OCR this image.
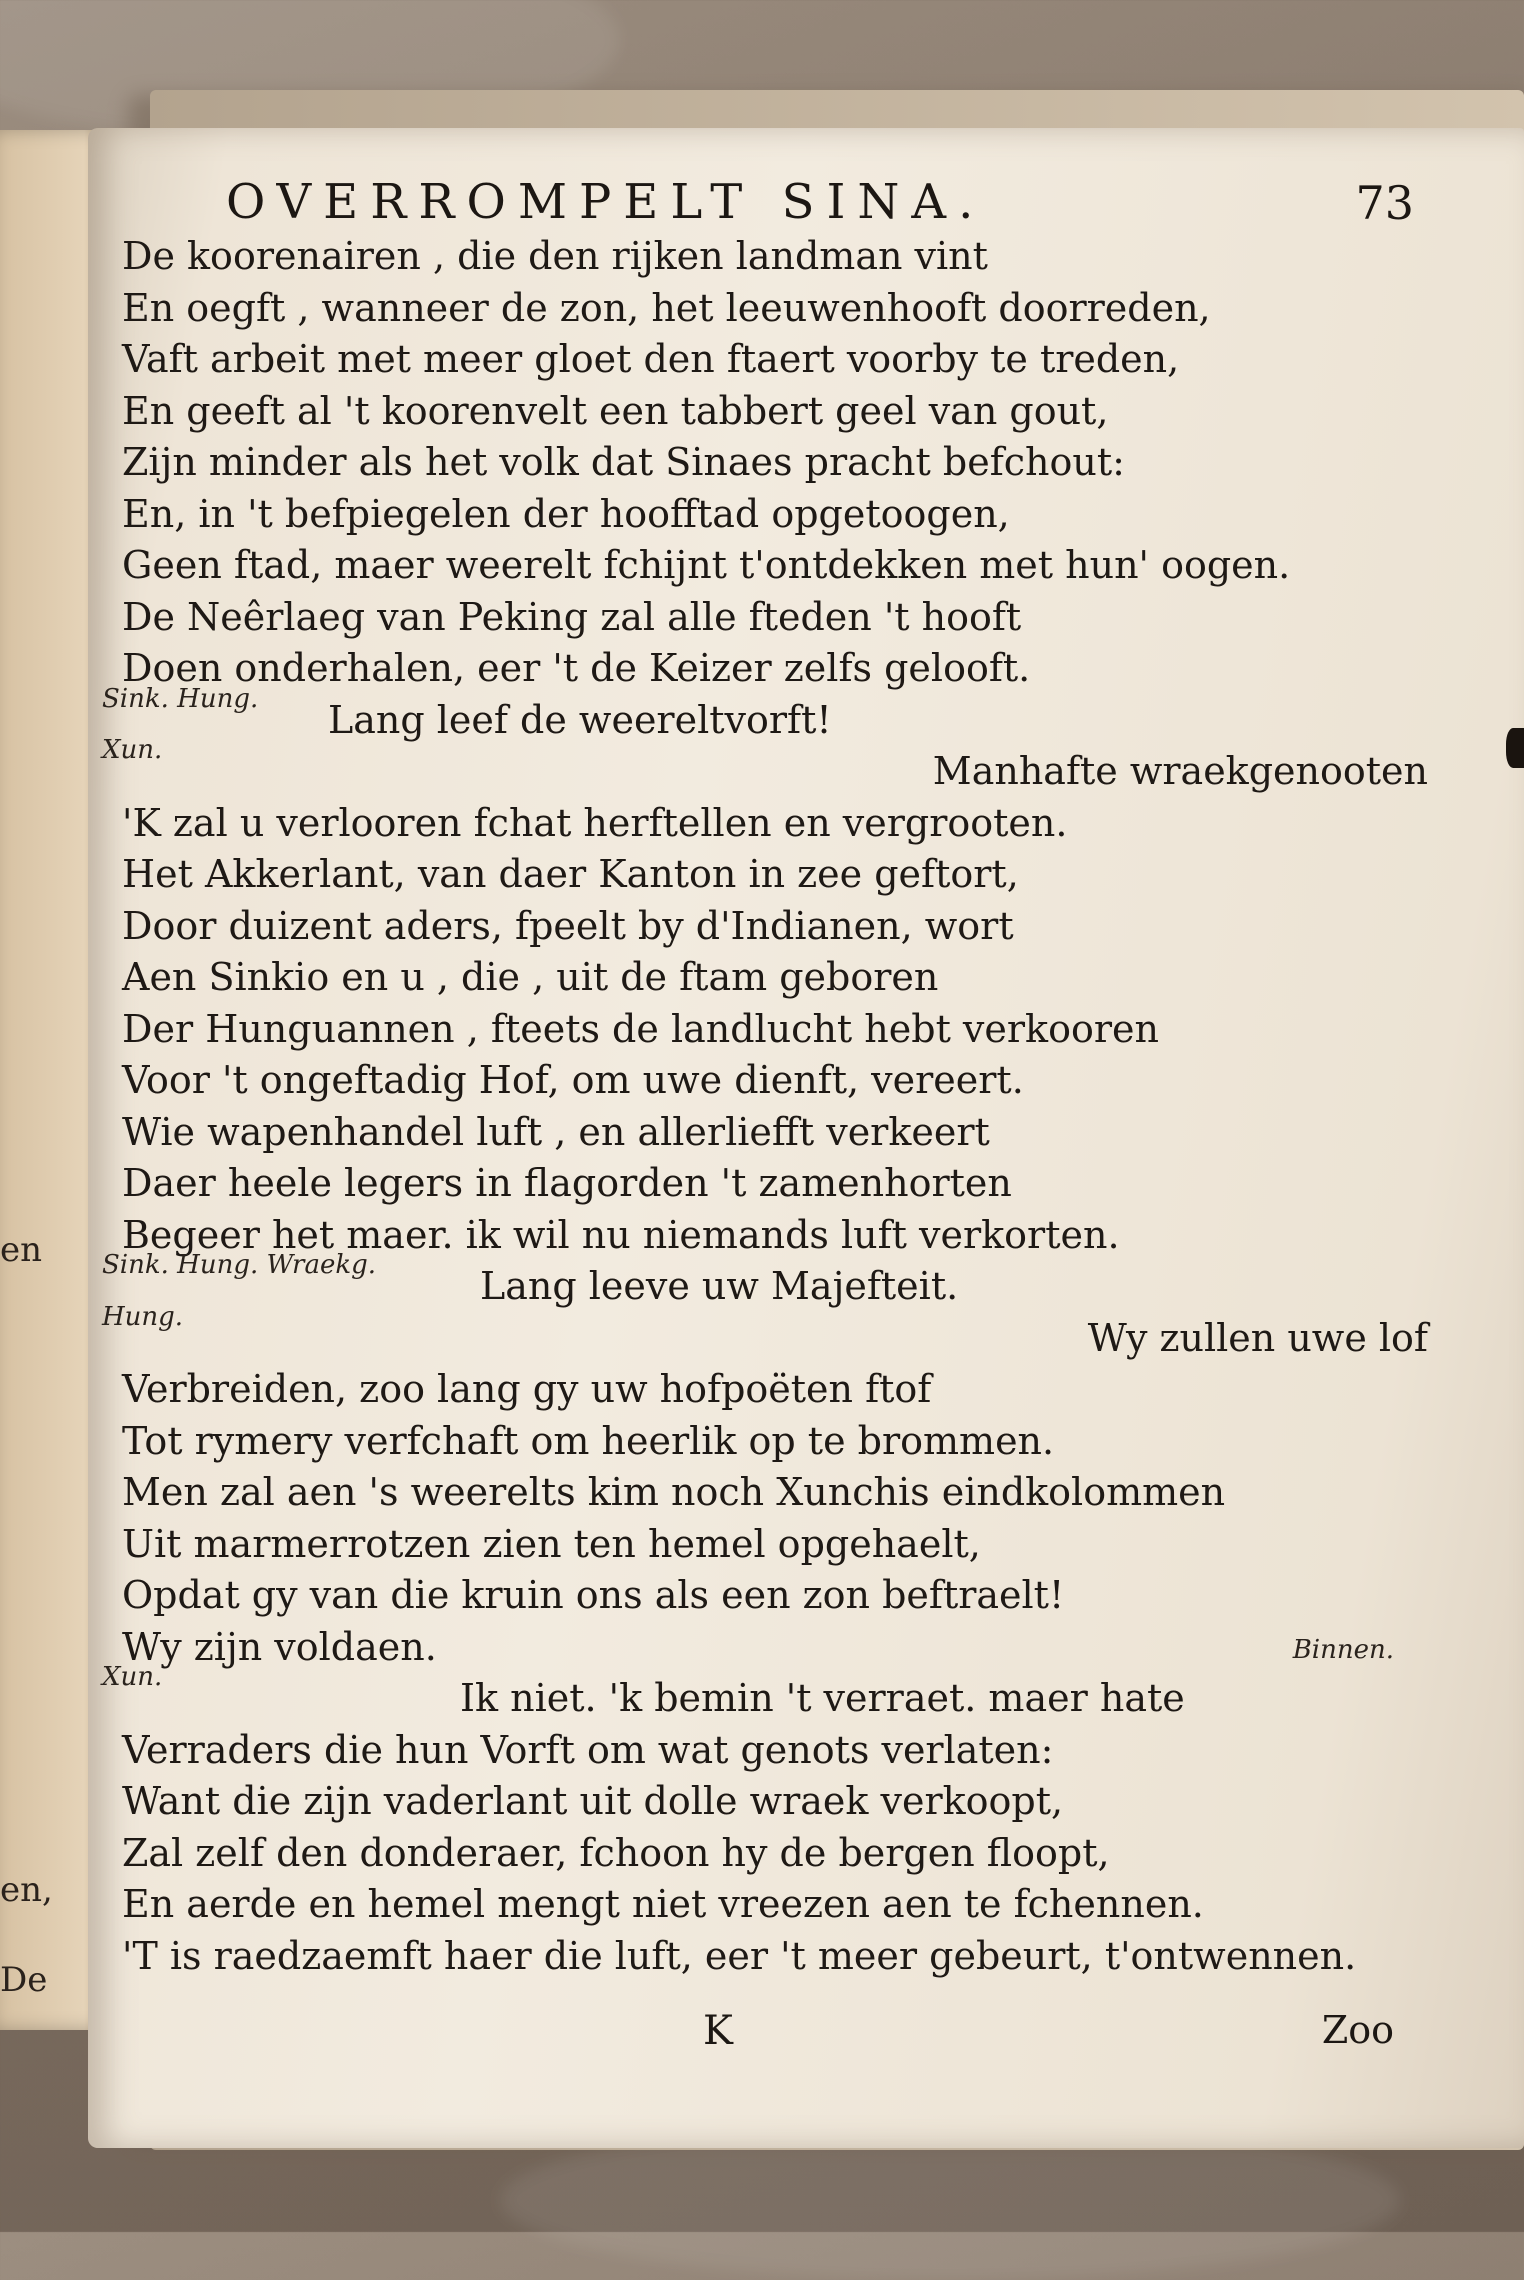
en
en,
De
OVERROMPELT SINA.	73
De koorenairen , die den rijken landman vint
En oegft , wanneer de zon, het leeuwenhooft doorreden,
Vaft arbeit met meer gloet den ftaert voorby te treden,
En geeft al 't koorenvelt een tabbert geel van gout,
Zijn minder als het volk dat Sinaes pracht befchout:
En, in 't befpiegelen der hoofftad opgetoogen,
Geen ftad, maer weerelt fchijnt t'ontdekken met hun' oogen.
De Neêrlaeg van Peking zal alle fteden 't hooft
Doen onderhalen, eer 't de Keizer zelfs gelooft.
Sink. Hung. Lang leef de weereltvorft!
Xun.	Manhafte wraekgenooten
'K zal u verlooren fchat herftellen en vergrooten.
Het Akkerlant, van daer Kanton in zee geftort,
Door duizent aders, fpeelt by d'Indianen, wort
Aen Sinkio en u , die , uit de ftam geboren
Der Hunguannen , fteets de landlucht hebt verkooren
Voor 't ongeftadig Hof, om uwe dienft, vereert.
Wie wapenhandel luft , en allerliefft verkeert
Daer heele legers in flagorden 't zamenhorten
Begeer het maer. ik wil nu niemands luft verkorten.
Sink. Hung. Wraekg.	Lang leeve uw Majefteit.
Hung.	Wy zullen uwe lof
Verbreiden, zoo lang gy uw hofpoëten ftof
Tot rymery verfchaft om heerlik op te brommen.
Men zal aen 's weerelts kim noch Xunchis eindkolommen
Uit marmerrotzen zien ten hemel opgehaelt,
Opdat gy van die kruin ons als een zon beftraelt!
Wy zijn voldaen.	Binnen.
Xun.	Ik niet. 'k bemin 't verraet. maer hate
Verraders die hun Vorft om wat genots verlaten:
Want die zijn vaderlant uit dolle wraek verkoopt,
Zal zelf den donderaer, fchoon hy de bergen floopt,
En aerde en hemel mengt niet vreezen aen te fchennen.
'T is raedzaemft haer die luft, eer 't meer gebeurt, t'ontwennen.
K	Zoo
